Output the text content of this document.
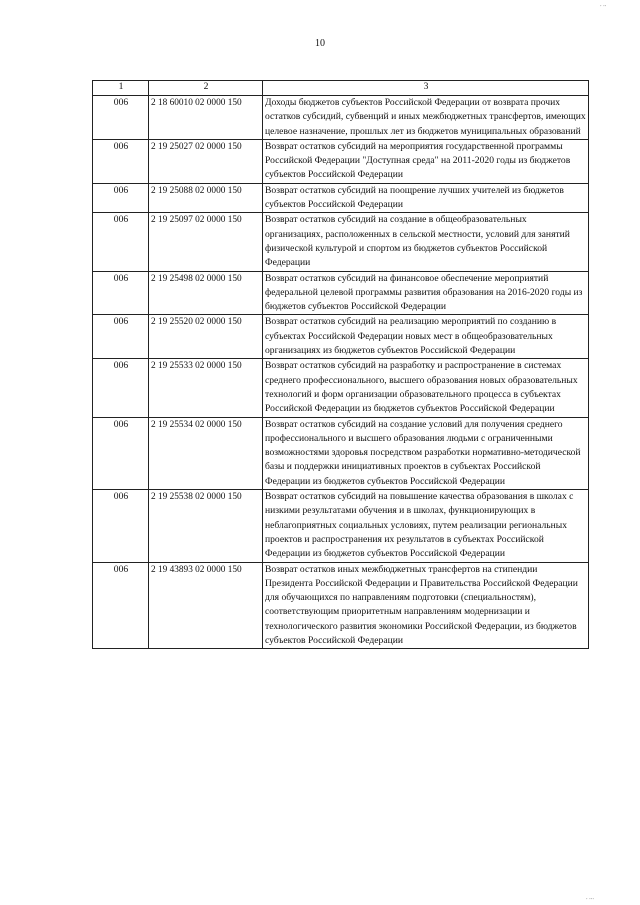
10
1	2	3
006	2 18 60010 02 0000 150	Доходы бюджетов субъектов Российской Федерации от возврата прочих остатков субсидий, субвенций и иных межбюджетных трансфертов, имеющих целевое назначение, прошлых лет из бюджетов муниципальных образований
006	2 19 25027 02 0000 150	Возврат остатков субсидий на мероприятия государственной программы Российской Федерации "Доступная среда" на 2011-2020 годы из бюджетов субъектов Российской Федерации
006	2 19 25088 02 0000 150	Возврат остатков субсидий на поощрение лучших учителей из бюджетов субъектов Российской Федерации
006	2 19 25097 02 0000 150	Возврат остатков субсидий на создание в общеобразовательных организациях, расположенных в сельской местности, условий для занятий физической культурой и спортом из бюджетов субъектов Российской Федерации
006	2 19 25498 02 0000 150	Возврат остатков субсидий на финансовое обеспечение мероприятий федеральной целевой программы развития образования на 2016-2020 годы из бюджетов субъектов Российской Федерации
006	2 19 25520 02 0000 150	Возврат остатков субсидий на реализацию мероприятий по созданию в субъектах Российской Федерации новых мест в общеобразовательных организациях из бюджетов субъектов Российской Федерации
006	2 19 25533 02 0000 150	Возврат остатков субсидий на разработку и распространение в системах среднего профессионального, высшего образования новых образовательных технологий и форм организации образовательного процесса в субъектах Российской Федерации из бюджетов субъектов Российской Федерации
006	2 19 25534 02 0000 150	Возврат остатков субсидий на создание условий для получения среднего профессионального и высшего образования людьми с ограниченными возможностями здоровья посредством разработки нормативно-методической базы и поддержки инициативных проектов в субъектах Российской Федерации из бюджетов субъектов Российской Федерации
006	2 19 25538 02 0000 150	Возврат остатков субсидий на повышение качества образования в школах с низкими результатами обучения и в школах, функционирующих в неблагоприятных социальных условиях, путем реализации региональных проектов и распространения их результатов в субъектах Российской Федерации из бюджетов субъектов Российской Федерации
006	2 19 43893 02 0000 150	Возврат остатков иных межбюджетных трансфертов на стипендии Президента Российской Федерации и Правительства Российской Федерации для обучающихся по направлениям подготовки (специальностям), соответствующим приоритетным направлениям модернизации и технологического развития экономики Российской Федерации, из бюджетов субъектов Российской Федерации
⸱ ⸱⸱
⸱ ⸱⸱⸱
